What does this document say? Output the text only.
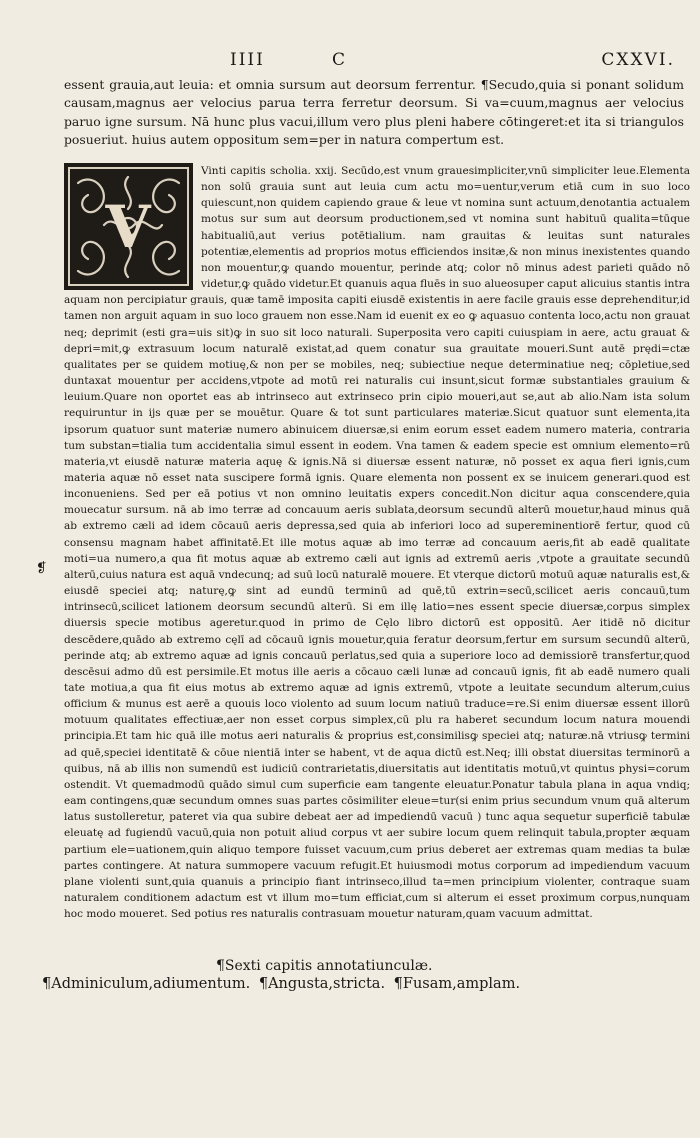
IIII	C	CXXVI.

essent grauia,aut leuia: et omnia sursum aut deorsum ferrentur. ¶Secudo,quia si ponant solidum causam,magnus aer velocius parua terra ferretur deorsum. Si va=cuum,magnus aer velocius paruo igne sursum. Nā hunc plus vacui,illum vero plus pleni habere cōtingeret:et ita si triangulos posueriut. huius autem oppositum sem=per in natura compertum est.

V

Vinti capitis scholia. xxij. Secūdo,est vnum grauesimpliciter,vnū simpliciter leue.Elementa non solū grauia sunt aut leuia cum actu mo=uentur,verum etiā cum in suo loco quiescunt,non quidem capiendo graue & leue vt nomina sunt actuum,denotantia actualem motus sur sum aut deorsum productionem,sed vt nomina sunt habituū qualita=tūque habitualiū,aut verius potētialium. nam grauitas & leuitas sunt naturales potentiæ,elementis ad proprios motus efficiendos insitæ,& non minus inexistentes quando non mouentur,ꝙ quando mouentur, perinde atq; color nō minus adest parieti quādo nō videtur,ꝙ quādo videtur.Et quanuis aqua fluēs in suo alueosuper caput alicuius stantis intra aquam non percipiatur grauis, quæ tamē imposita capiti eiusdē existentis in aere facile grauis esse deprehenditur,id tamen non arguit aquam in suo loco grauem non esse.Nam id euenit ex eo ꝙ aquasuo contenta loco,actu non grauat neq; deprimit (esti gra=uis sit)ꝙ in suo sit loco naturali. Superposita vero capiti cuiuspiam in aere, actu grauat & depri=mit,ꝙ extrasuum locum naturalē existat,ad quem conatur sua grauitate moueri.Sunt autē prędi=ctæ qualitates per se quidem motiuę,& non per se mobiles, neq; subiectiue neque determinatiue neq; cōpletiue,sed duntaxat mouentur per accidens,vtpote ad motū rei naturalis cui insunt,sicut formæ substantiales grauium & leuium.Quare non oportet eas ab intrinseco aut extrinseco prin cipio moueri,aut se,aut ab alio.Nam ista solum requiruntur in ijs quæ per se mouētur. Quare & tot sunt particulares materiæ.Sicut quatuor sunt elementa,ita ipsorum quatuor sunt materiæ numero abinuicem diuersæ,si enim eorum esset eadem numero materia, contraria tum substan=tialia tum accidentalia simul essent in eodem. Vna tamen & eadem specie est omnium elemento=rū materia,vt eiusdē naturæ materia aquę & ignis.Nā si diuersæ essent naturæ, nō posset ex aqua fieri ignis,cum materia aquæ nō esset nata suscipere formā ignis. Quare elementa non possent ex se inuicem generari.quod est inconueniens. Sed per eā potius vt non omnino leuitatis expers concedit.Non dicitur aqua conscendere,quia mouecatur sursum. nā ab imo terræ ad concauum aeris sublata,deorsum secundū alterū mouetur,haud minus quā ab extremo cæli ad idem cōcauū aeris depressa,sed quia ab inferiori loco ad supereminentiorē fertur, quod cū consensu magnam habet affinitatē.Et ille motus aquæ ab imo terræ ad concauum aeris,fit ab eadē qualitate moti=ua numero,a qua fit motus aquæ ab extremo cæli aut ignis ad extremū aeris ,vtpote a grauitate secundū alterū,cuius natura est aquā vndecunq; ad suū locū naturalē mouere. Et vterque dictorū motuū aquæ naturalis est,& eiusdē speciei atq; naturę,ꝙ sint ad eundū terminū ad quē,tū extrin=secū,scilicet aeris concauū,tum intrinsecū,scilicet lationem deorsum secundū alterū. Si em illę latio=nes essent specie diuersæ,corpus simplex diuersis specie motibus ageretur.quod in primo de Cęlo libro dictorū est oppositū. Aer itidē nō dicitur descēdere,quādo ab extremo cęlī ad cōcauū ignis mouetur,quia feratur deorsum,fertur em sursum secundū alterū, perinde atq; ab extremo aquæ ad ignis concauū perlatus,sed quia a superiore loco ad demissiorē transfertur,quod descēsui admo dū est persimile.Et motus ille aeris a cōcauo cæli lunæ ad concauū ignis, fit ab eadē numero quali tate motiua,a qua fit eius motus ab extremo aquæ ad ignis extremū, vtpote a leuitate secundum alterum,cuius officium & munus est aerē a quouis loco violento ad suum locum natiuū traduce=re.Si enim diuersæ essent illorū motuum qualitates effectiuæ,aer non esset corpus simplex,cū plu ra haberet secundum locum natura mouendi principia.Et tam hic quā ille motus aeri naturalis & proprius est,consimilisꝙ speciei atq; naturæ.nā vtriusꝙ termini ad quē,speciei identitatē & cōue nientiā inter se habent, vt de aqua dictū est.Neq; illi obstat diuersitas terminorū a quibus, nā ab illis non sumendū est iudiciū contrarietatis,diuersitatis aut identitatis motuū,vt quintus physi=corum ostendit. Vt quemadmodū quādo simul cum superficie eam tangente eleuatur.Ponatur tabula plana in aqua vndiq; eam contingens,quæ secundum omnes suas partes cōsimiliter eleue=tur(si enim prius secundum vnum quā alterum latus sustolleretur, pateret via qua subire debeat aer ad impediendū vacuū ) tunc aqua sequetur superficiē tabulæ eleuatę ad fugiendū vacuū,quia non potuit aliud corpus vt aer subire locum quem relinquit tabula,propter æquam partium ele=uationem,quin aliquo tempore fuisset vacuum,cum prius deberet aer extremas quam medias ta bulæ partes contingere. At natura summopere vacuum refugit.Et huiusmodi motus corporum ad impediendum vacuum plane violenti sunt,quia quanuis a principio fiant intrinseco,illud ta=men principium violenter, contraque suam naturalem conditionem adactum est vt illum mo=tum efficiat,cum si alterum ei esset proximum corpus,nunquam hoc modo moueret. Sed potius res naturalis contrasuam mouetur naturam,quam vacuum admittat.

❡
¶Sexti capitis annotatiunculæ.
¶Adminiculum,adiumentum. ¶Angusta,stricta. ¶Fusam,amplam.
